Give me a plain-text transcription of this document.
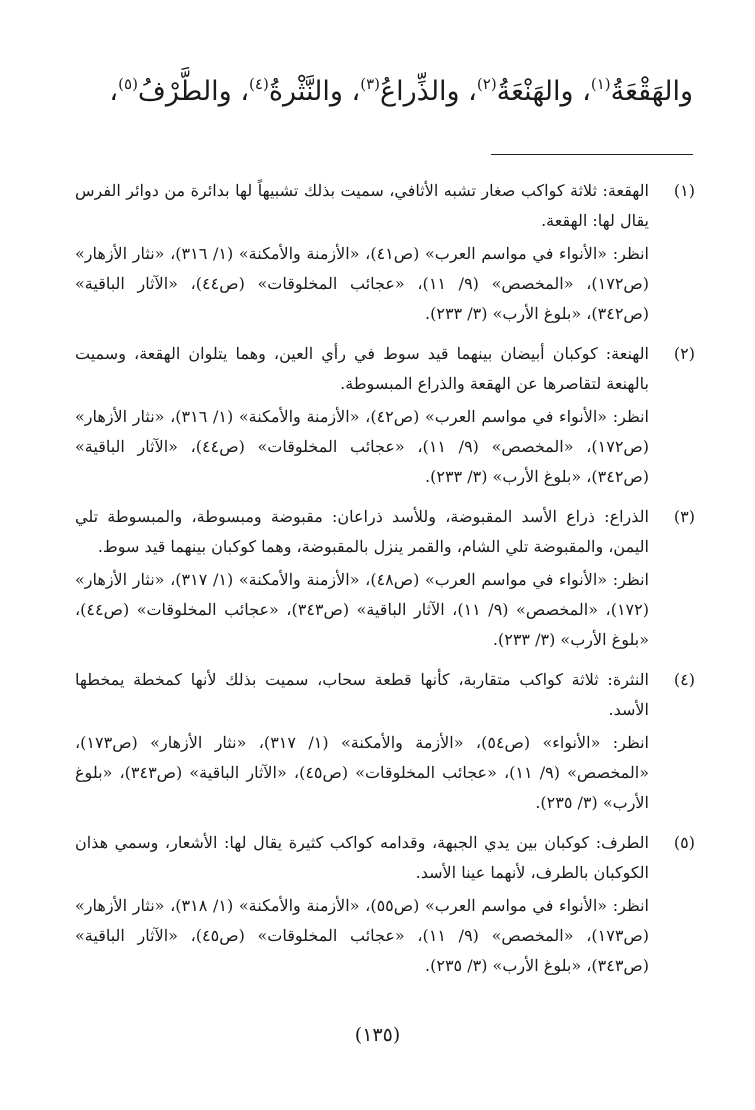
والهَقْعَةُ$^{(١)}$، والهَنْعَةُ$^{(٢)}$، والذِّراعُ$^{(٣)}$، والنَّثْرةُ$^{(٤)}$، والطَّرْفُ$^{(٥)}$،
(١)

الهقعة: ثلاثة كواكب صغار تشبه الأثافي، سميت بذلك تشبيهاً لها بدائرة من دوائر الفرس يقال لها: الهقعة.

انظر: «الأنواء في مواسم العرب» (ص٤١)، «الأزمنة والأمكنة» (١/ ٣١٦)، «نثار الأزهار» (ص١٧٢)، «المخصص» (٩/ ١١)، «عجائب المخلوقات» (ص٤٤)، «الآثار الباقية» (ص٣٤٢)، «بلوغ الأرب» (٣/ ٢٣٣).

(٢)

الهنعة: كوكبان أبيضان بينهما قيد سوط في رأي العين، وهما يتلوان الهقعة، وسميت بالهنعة لتقاصرها عن الهقعة والذراع المبسوطة.

انظر: «الأنواء في مواسم العرب» (ص٤٢)، «الأزمنة والأمكنة» (١/ ٣١٦)، «نثار الأزهار» (ص١٧٢)، «المخصص» (٩/ ١١)، «عجائب المخلوقات» (ص٤٤)، «الآثار الباقية» (ص٣٤٢)، «بلوغ الأرب» (٣/ ٢٣٣).

(٣)

الذراع: ذراع الأسد المقبوضة، وللأسد ذراعان: مقبوضة ومبسوطة، والمبسوطة تلي اليمن، والمقبوضة تلي الشام، والقمر ينزل بالمقبوضة، وهما كوكبان بينهما قيد سوط.

انظر: «الأنواء في مواسم العرب» (ص٤٨)، «الأزمنة والأمكنة» (١/ ٣١٧)، «نثار الأزهار» (١٧٢)، «المخصص» (٩/ ١١)، الآثار الباقية» (ص٣٤٣)، «عجائب المخلوقات» (ص٤٤)، «بلوغ الأرب» (٣/ ٢٣٣).

(٤)

النثرة: ثلاثة كواكب متقاربة، كأنها قطعة سحاب، سميت بذلك لأنها كمخطة يمخطها الأسد.

انظر: «الأنواء» (ص٥٤)، «الأزمة والأمكنة» (١/ ٣١٧)، «نثار الأزهار» (ص١٧٣)، «المخصص» (٩/ ١١)، «عجائب المخلوقات» (ص٤٥)، «الآثار الباقية» (ص٣٤٣)، «بلوغ الأرب» (٣/ ٢٣٥).

(٥)

الطرف: كوكبان بين يدي الجبهة، وقدامه كواكب كثيرة يقال لها: الأشعار، وسمي هذان الكوكبان بالطرف، لأنهما عينا الأسد.

انظر: «الأنواء في مواسم العرب» (ص٥٥)، «الأزمنة والأمكنة» (١/ ٣١٨)، «نثار الأزهار» (ص١٧٣)، «المخصص» (٩/ ١١)، «عجائب المخلوقات» (ص٤٥)، «الآثار الباقية» (ص٣٤٣)، «بلوغ الأرب» (٣/ ٢٣٥).

(١٣٥)
